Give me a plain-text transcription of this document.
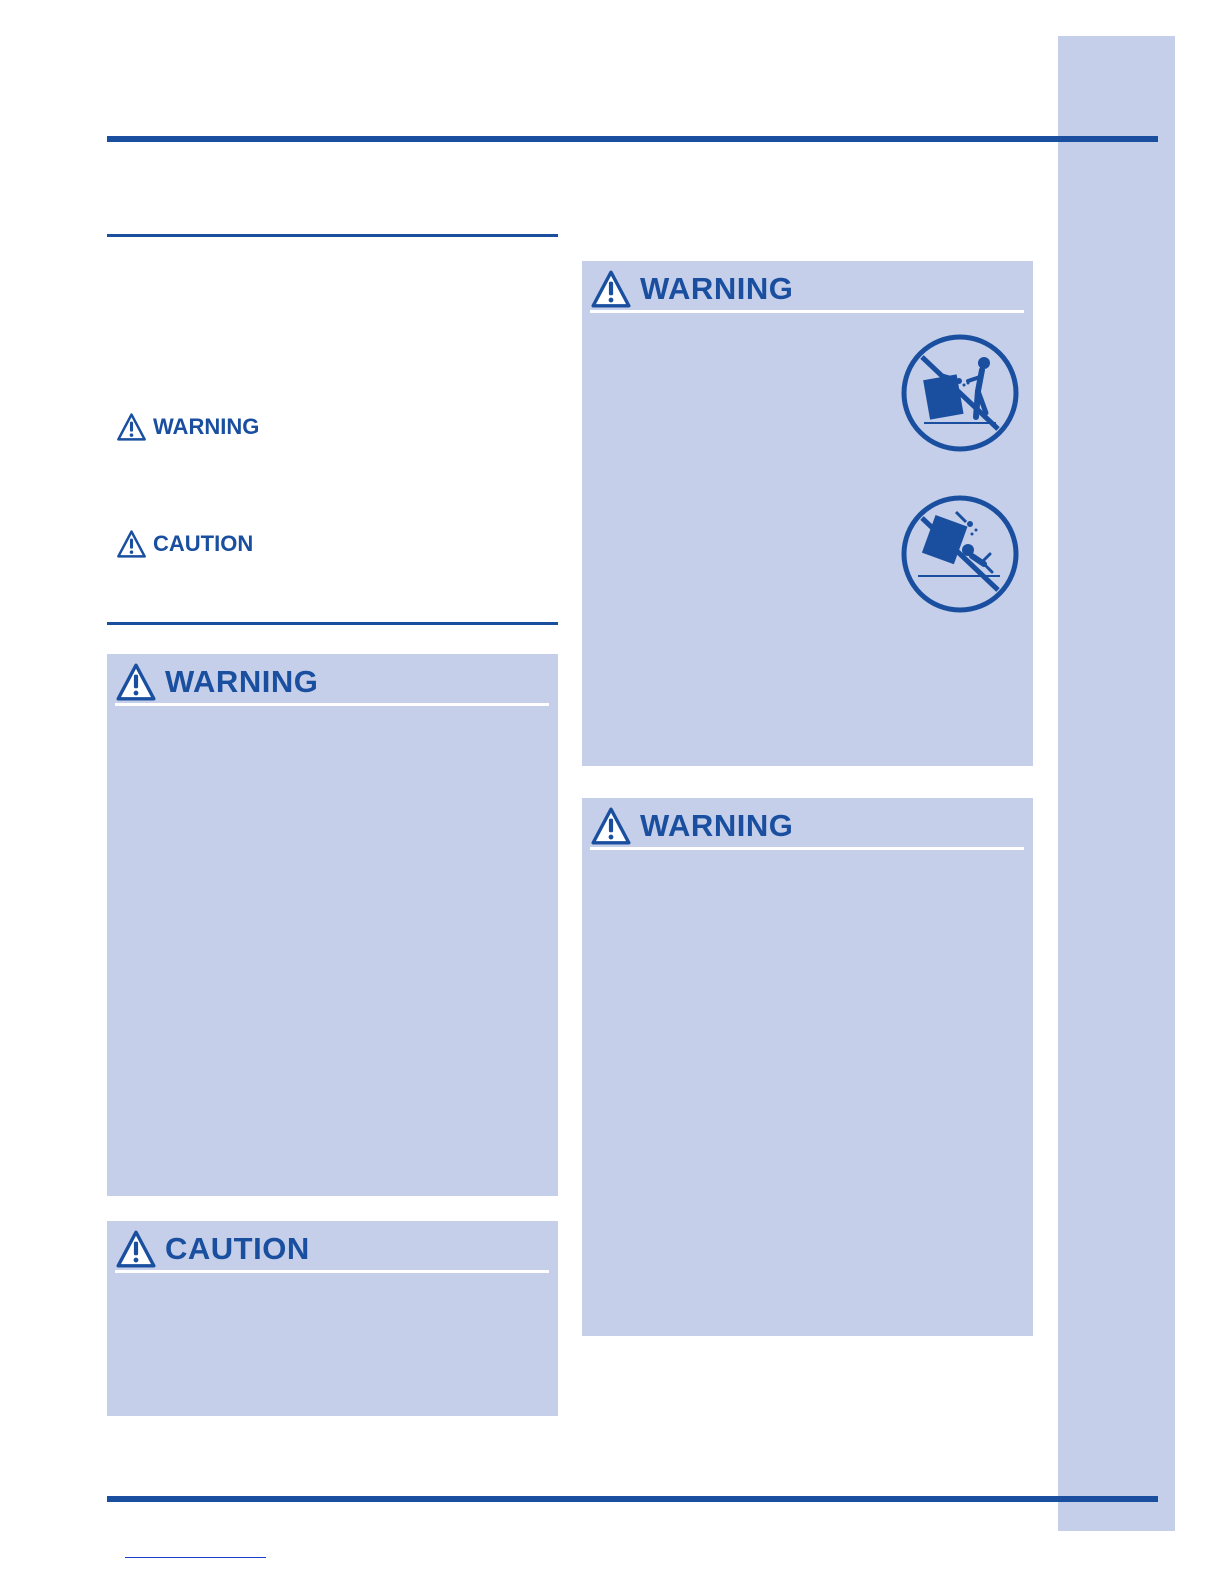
WARNING
CAUTION
WARNING
CAUTION
WARNING
WARNING
